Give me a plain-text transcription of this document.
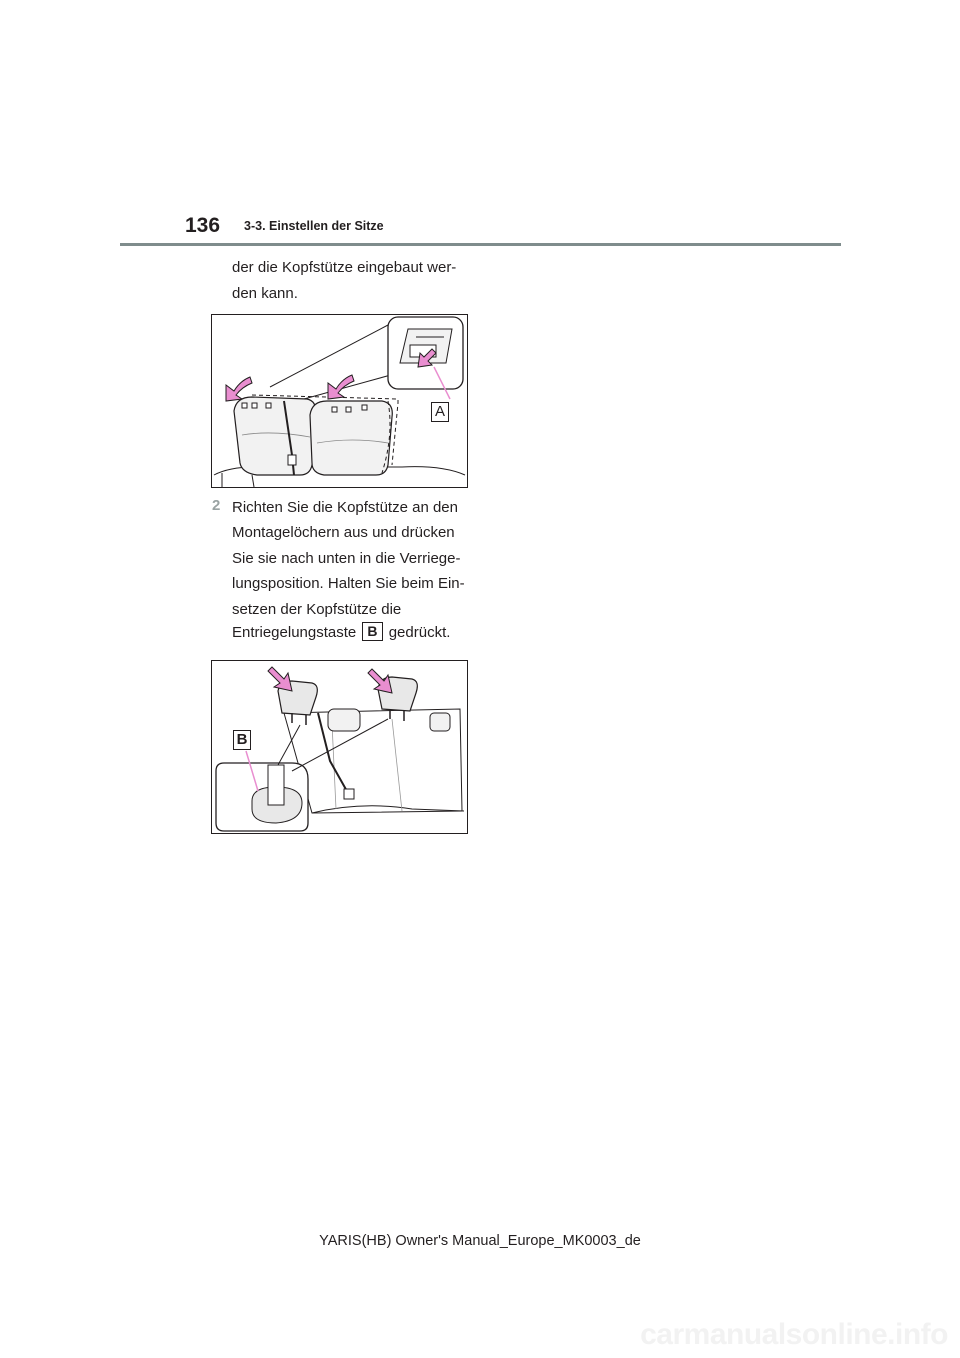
136 3-3. Einstellen der Sitze
der die Kopfstütze eingebaut wer-
den kann.
A
2 Richten Sie die Kopfstütze an den
Montagelöchern aus und drücken
Sie sie nach unten in die Verriege-
lungsposition. Halten Sie beim Ein-
setzen der Kopfstütze die
Entriegelungstaste B gedrückt.
B
YARIS(HB) Owner's Manual_Europe_MK0003_de
carmanualsonline.info
